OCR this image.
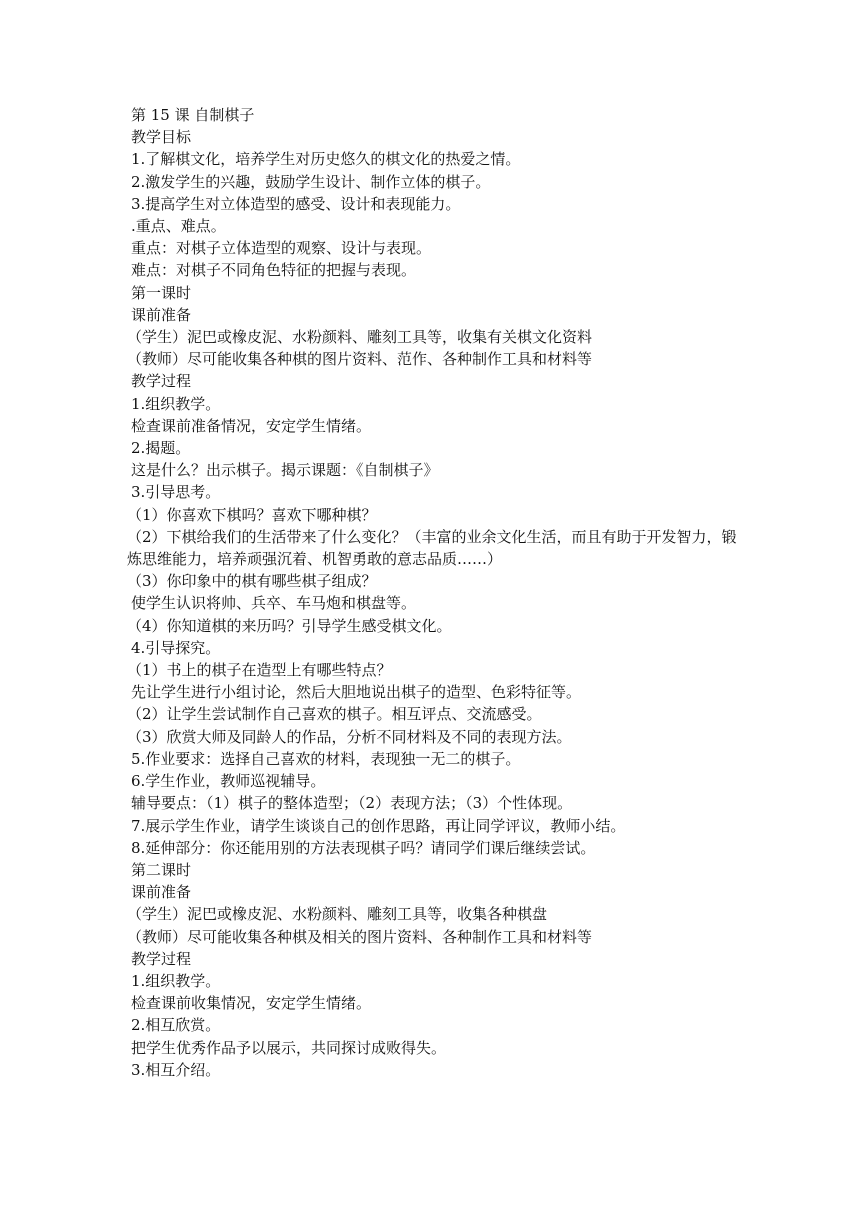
第 15 课 自制棋子
教学目标
1.了解棋文化，培养学生对历史悠久的棋文化的热爱之情。
2.激发学生的兴趣，鼓励学生设计、制作立体的棋子。
3.提高学生对立体造型的感受、设计和表现能力。
.重点、难点。
重点：对棋子立体造型的观察、设计与表现。
难点：对棋子不同角色特征的把握与表现。
第一课时
课前准备
（学生）泥巴或橡皮泥、水粉颜料、雕刻工具等，收集有关棋文化资料
（教师）尽可能收集各种棋的图片资料、范作、各种制作工具和材料等
教学过程
1.组织教学。
检查课前准备情况，安定学生情绪。
2.揭题。
这是什么？出示棋子。揭示课题：《自制棋子》
3.引导思考。
（1）你喜欢下棋吗？喜欢下哪种棋？
（2）下棋给我们的生活带来了什么变化？（丰富的业余文化生活，而且有助于开发智力，锻炼思维能力，培养顽强沉着、机智勇敢的意志品质……）
（3）你印象中的棋有哪些棋子组成？
使学生认识将帅、兵卒、车马炮和棋盘等。
（4）你知道棋的来历吗？引导学生感受棋文化。
4.引导探究。
（1）书上的棋子在造型上有哪些特点？
先让学生进行小组讨论，然后大胆地说出棋子的造型、色彩特征等。
（2）让学生尝试制作自己喜欢的棋子。相互评点、交流感受。
（3）欣赏大师及同龄人的作品，分析不同材料及不同的表现方法。
5.作业要求：选择自己喜欢的材料，表现独一无二的棋子。
6.学生作业，教师巡视辅导。
辅导要点：（1）棋子的整体造型；（2）表现方法；（3）个性体现。
7.展示学生作业，请学生谈谈自己的创作思路，再让同学评议，教师小结。
8.延伸部分：你还能用别的方法表现棋子吗？请同学们课后继续尝试。
第二课时
课前准备
（学生）泥巴或橡皮泥、水粉颜料、雕刻工具等，收集各种棋盘
（教师）尽可能收集各种棋及相关的图片资料、各种制作工具和材料等
教学过程
1.组织教学。
检查课前收集情况，安定学生情绪。
2.相互欣赏。
把学生优秀作品予以展示，共同探讨成败得失。
3.相互介绍。
